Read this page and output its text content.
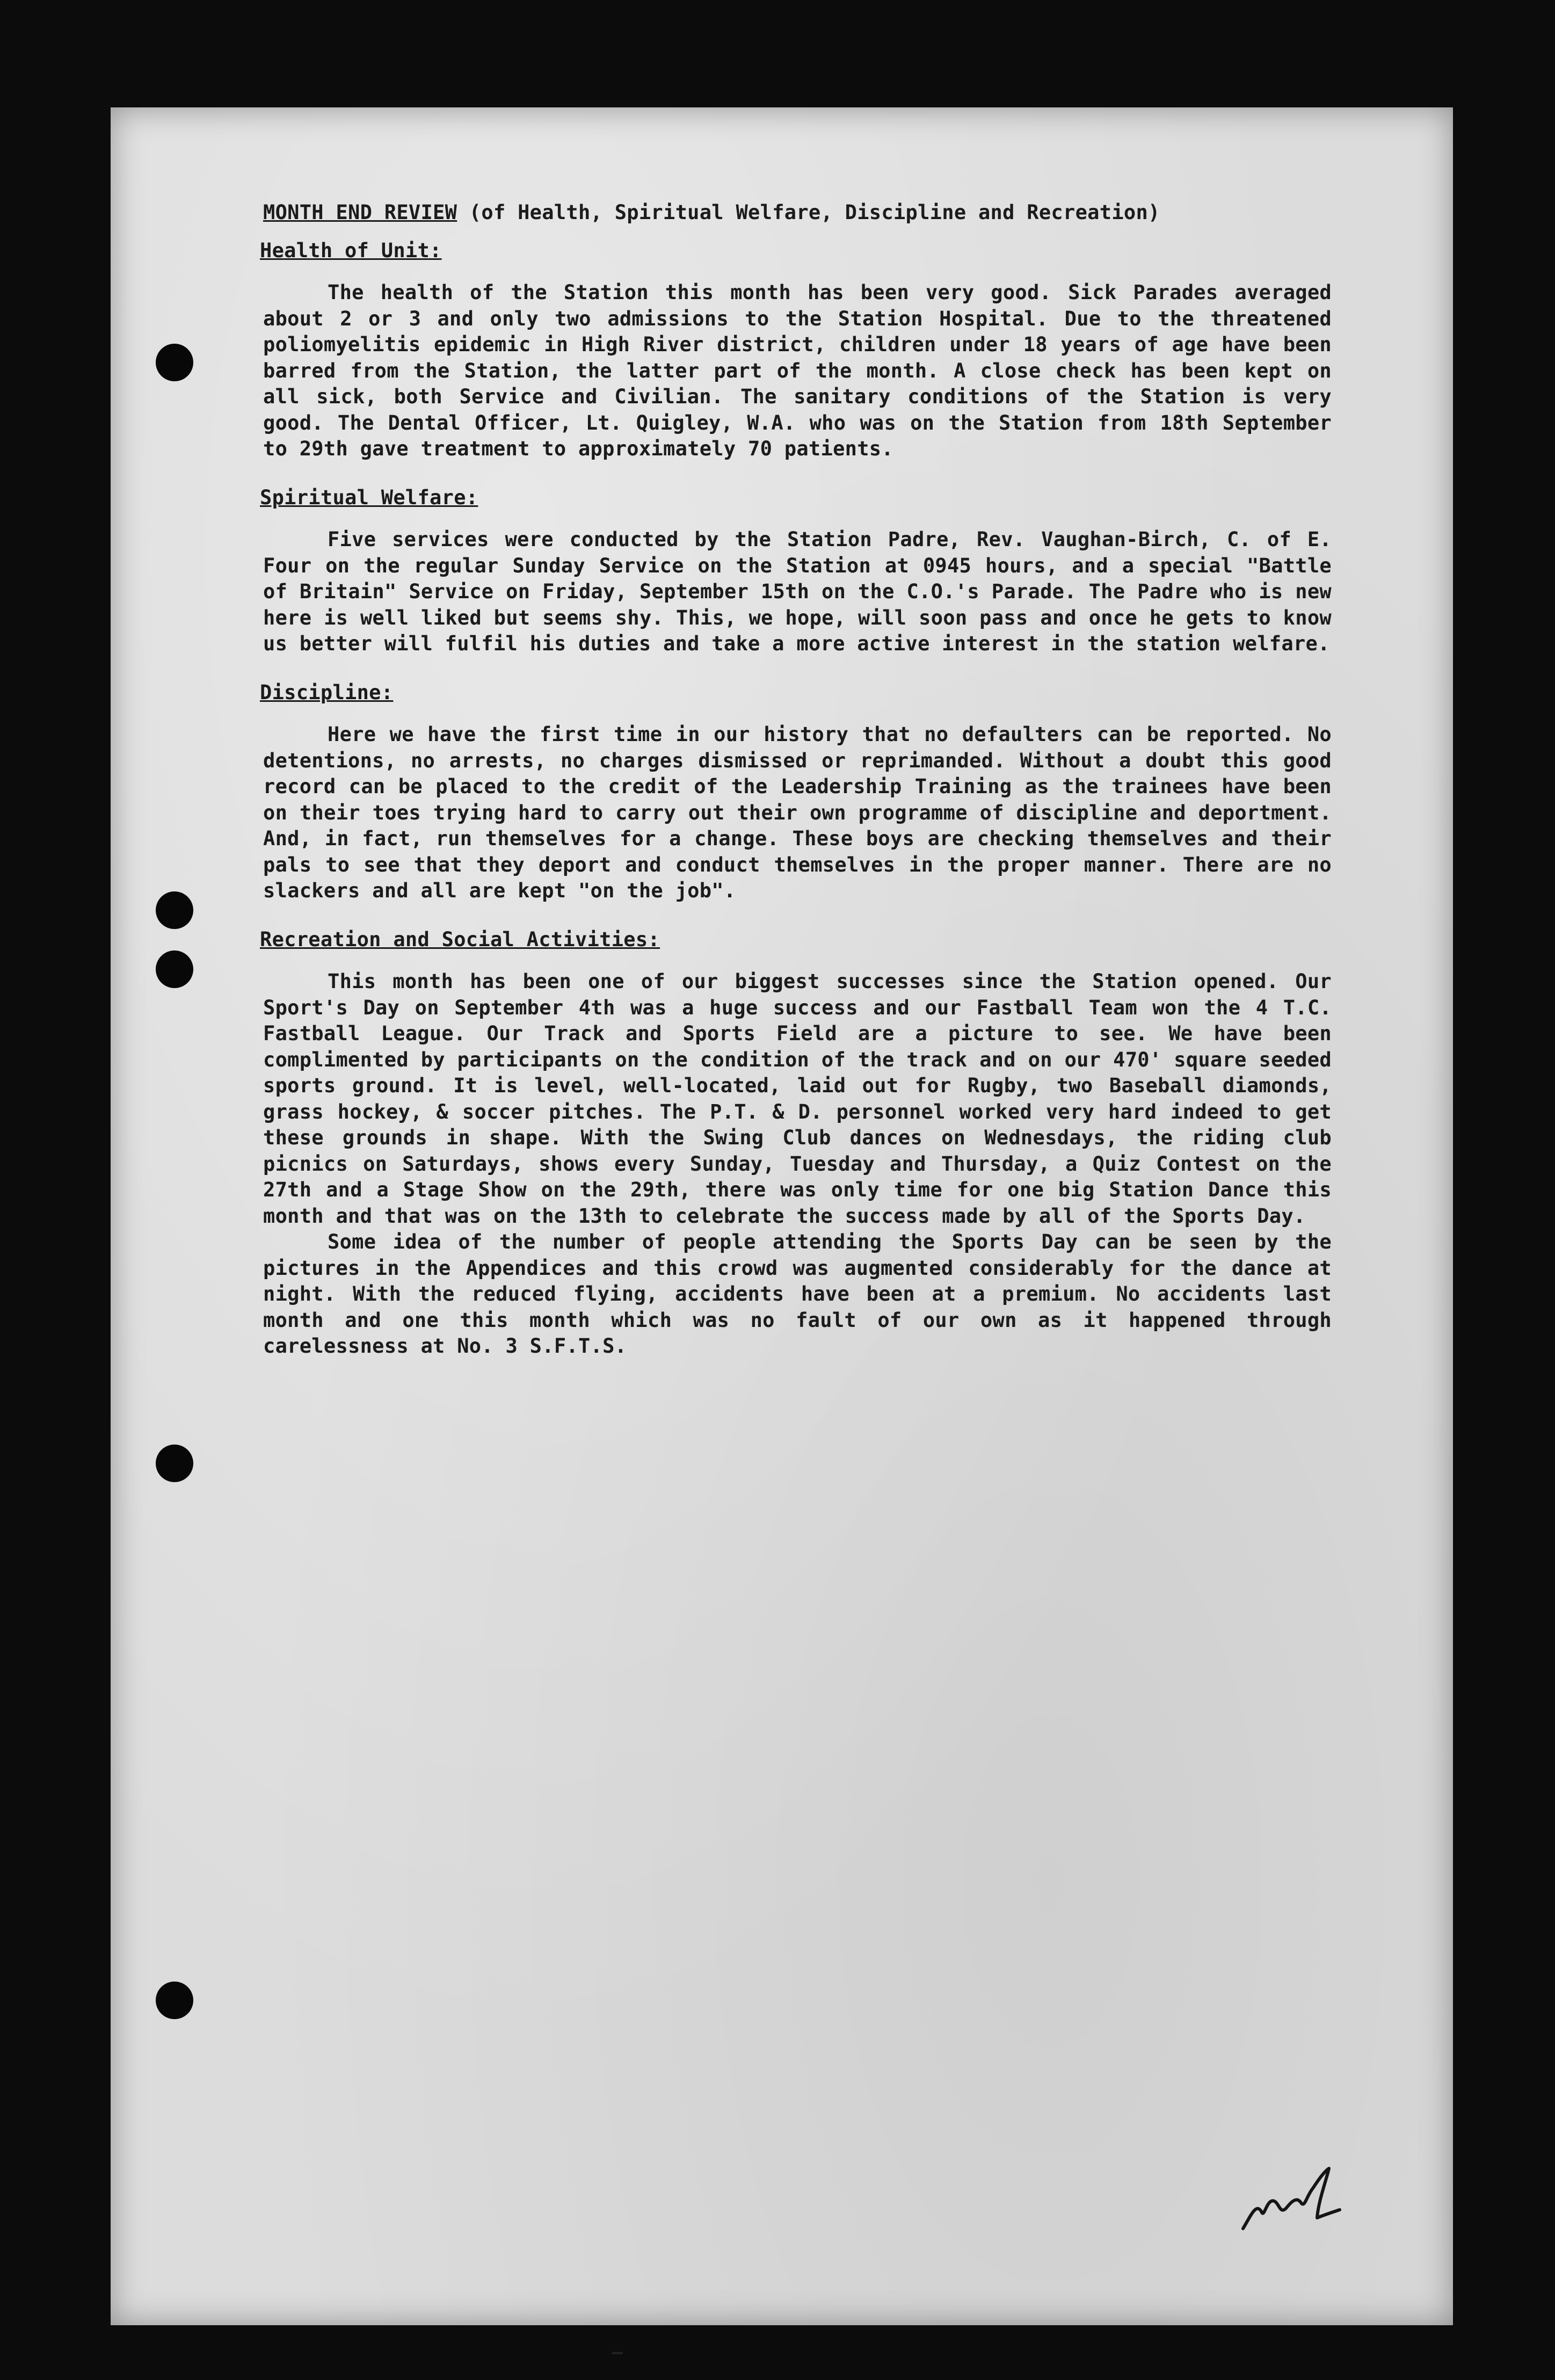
MONTH END REVIEW (of Health, Spiritual Welfare, Discipline and Recreation)
Health of Unit:
The health of the Station this month has been very good. Sick Parades averaged about 2 or 3 and only two admissions to the Station Hospital. Due to the threatened poliomyelitis epidemic in High River district, children under 18 years of age have been barred from the Station, the latter part of the month. A close check has been kept on all sick, both Service and Civilian. The sanitary conditions of the Station is very good. The Dental Officer, Lt. Quigley, W.A. who was on the Station from 18th September to 29th gave treatment to approximately 70 patients.
Spiritual Welfare:
Five services were conducted by the Station Padre, Rev. Vaughan-Birch, C. of E. Four on the regular Sunday Service on the Station at 0945 hours, and a special "Battle of Britain" Service on Friday, September 15th on the C.O.'s Parade. The Padre who is new here is well liked but seems shy. This, we hope, will soon pass and once he gets to know us better will fulfil his duties and take a more active interest in the station welfare.
Discipline:
Here we have the first time in our history that no defaulters can be reported. No detentions, no arrests, no charges dismissed or reprimanded. Without a doubt this good record can be placed to the credit of the Leadership Training as the trainees have been on their toes trying hard to carry out their own programme of discipline and deportment. And, in fact, run themselves for a change. These boys are checking themselves and their pals to see that they deport and conduct themselves in the proper manner. There are no slackers and all are kept "on the job".
Recreation and Social Activities:
This month has been one of our biggest successes since the Station opened. Our Sport's Day on September 4th was a huge success and our Fastball Team won the 4 T.C. Fastball League. Our Track and Sports Field are a picture to see. We have been complimented by participants on the condition of the track and on our 470' square seeded sports ground. It is level, well-located, laid out for Rugby, two Baseball diamonds, grass hockey, & soccer pitches. The P.T. & D. personnel worked very hard indeed to get these grounds in shape. With the Swing Club dances on Wednesdays, the riding club picnics on Saturdays, shows every Sunday, Tuesday and Thursday, a Quiz Contest on the 27th and a Stage Show on the 29th, there was only time for one big Station Dance this month and that was on the 13th to celebrate the success made by all of the Sports Day.
Some idea of the number of people attending the Sports Day can be seen by the pictures in the Appendices and this crowd was augmented considerably for the dance at night. With the reduced flying, accidents have been at a premium. No accidents last month and one this month which was no fault of our own as it happened through carelessness at No. 3 S.F.T.S.
